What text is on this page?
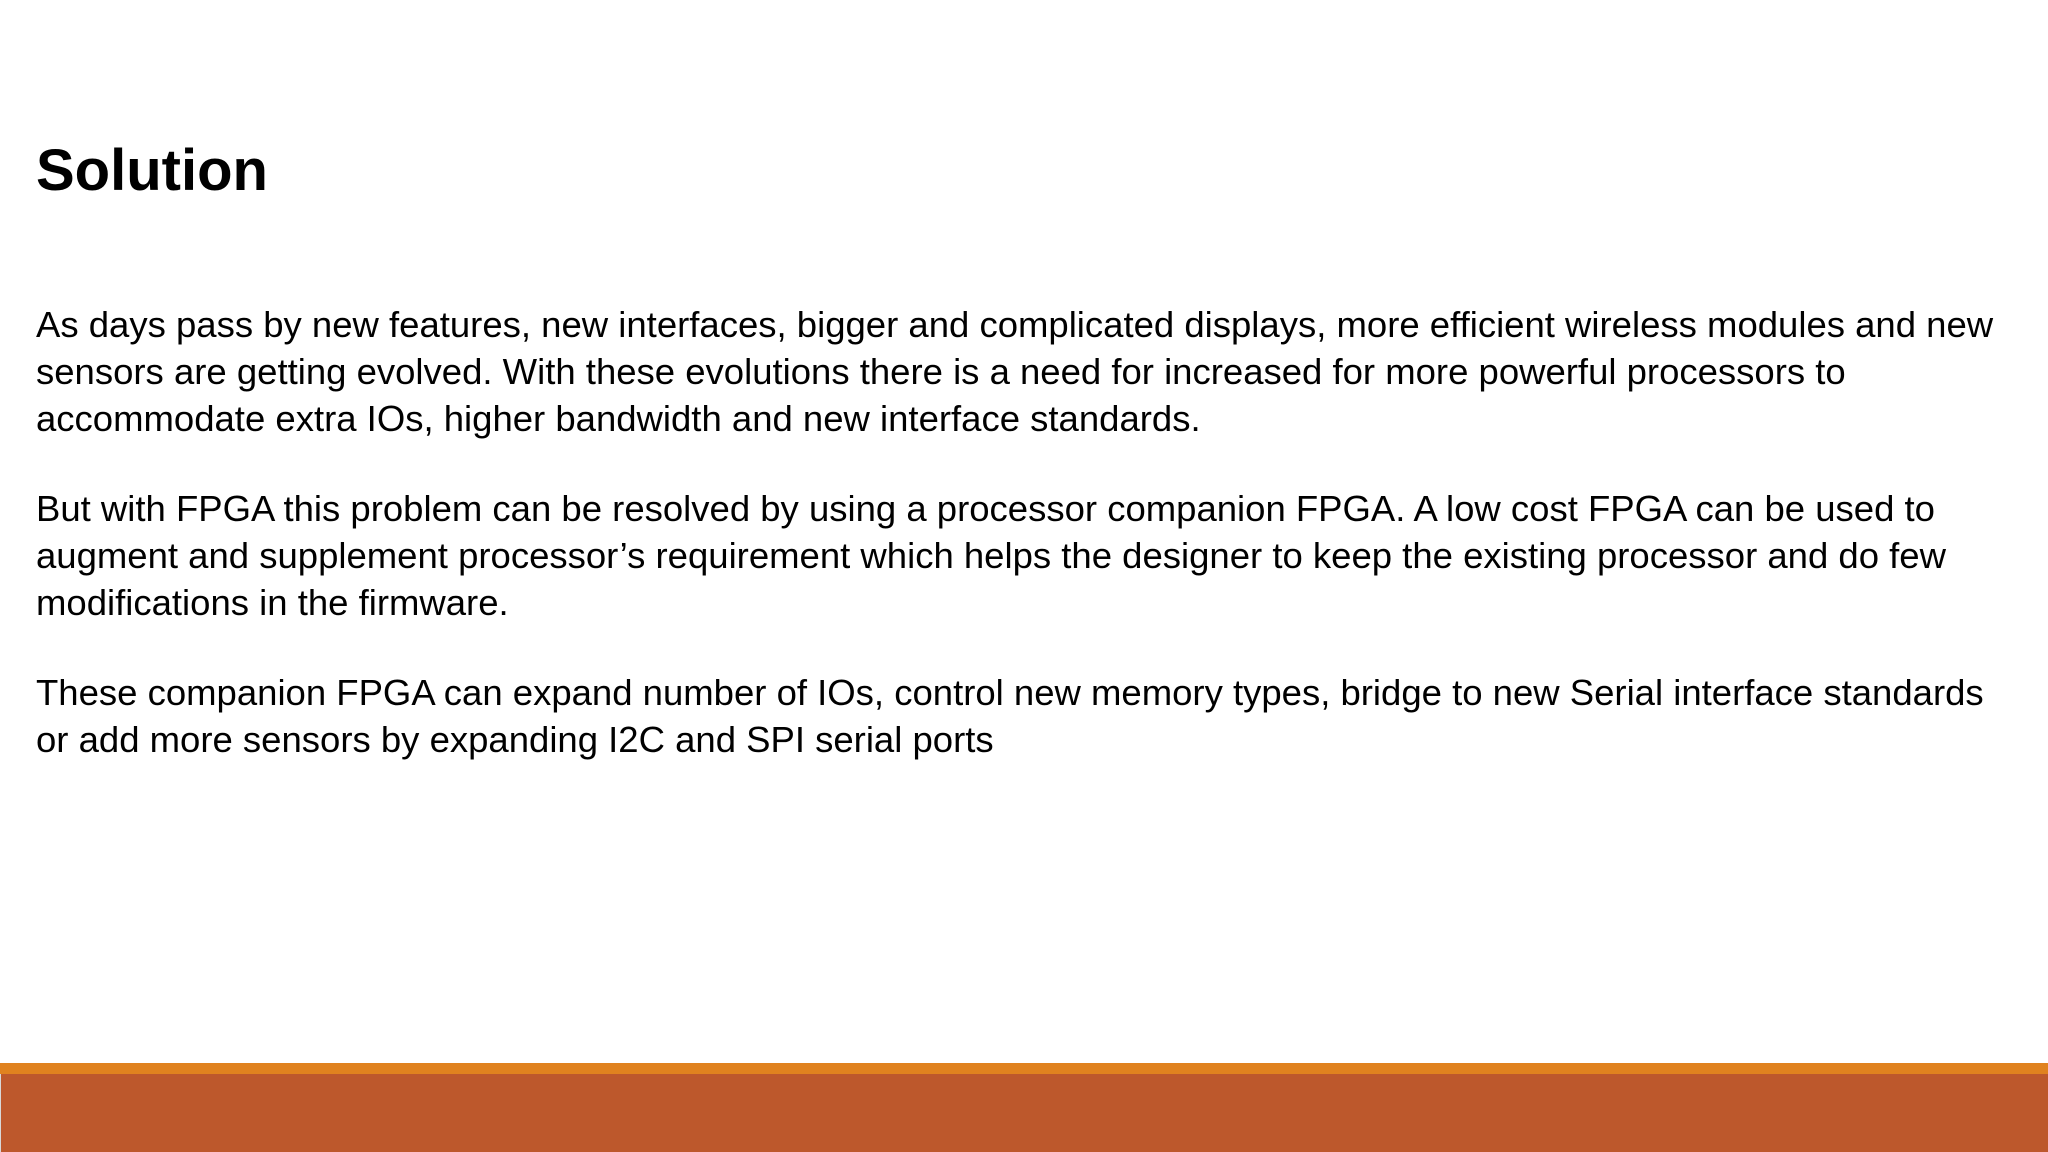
Solution

As days pass by new features, new interfaces, bigger and complicated displays, more efficient wireless modules and new sensors are getting evolved. With these evolutions there is a need for increased for more powerful processors to accommodate extra IOs, higher bandwidth and new interface standards.

But with FPGA this problem can be resolved by using a processor companion FPGA. A low cost FPGA can be used to augment and supplement processor’s requirement which helps the designer to keep the existing processor and do few modifications in the firmware.

These companion FPGA can expand number of IOs, control new memory types, bridge to new Serial interface standards or add more sensors by expanding I2C and SPI serial ports
